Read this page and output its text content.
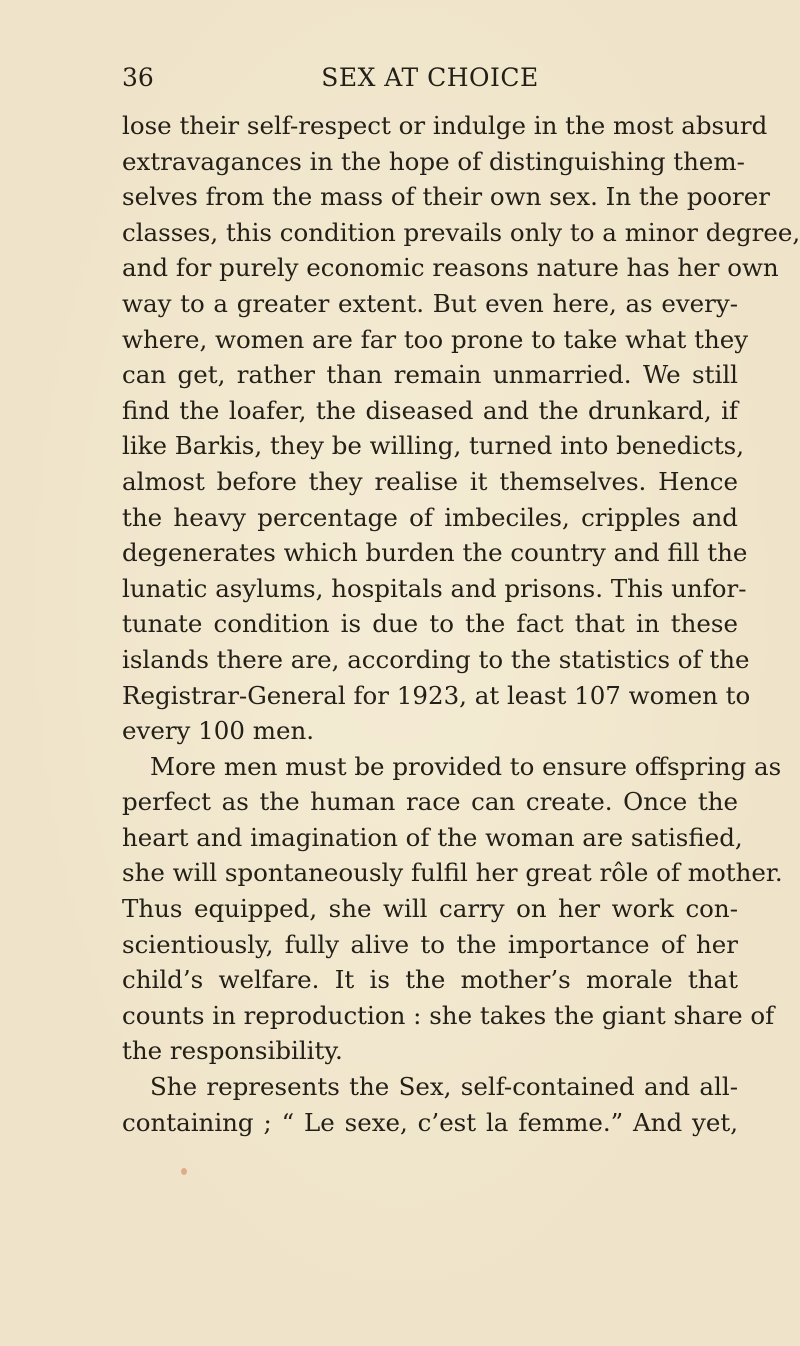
36	SEX AT CHOICE
lose their self-respect or indulge in the most absurd
extravagances in the hope of distinguishing them-
selves from the mass of their own sex. In the poorer
classes, this condition prevails only to a minor degree,
and for purely economic reasons nature has her own
way to a greater extent. But even here, as every-
where, women are far too prone to take what they
can get, rather than remain unmarried. We still
find the loafer, the diseased and the drunkard, if
like Barkis, they be willing, turned into benedicts,
almost before they realise it themselves. Hence
the heavy percentage of imbeciles, cripples and
degenerates which burden the country and fill the
lunatic asylums, hospitals and prisons. This unfor-
tunate condition is due to the fact that in these
islands there are, according to the statistics of the
Registrar-General for 1923, at least 107 women to
every 100 men.
More men must be provided to ensure offspring as
perfect as the human race can create. Once the
heart and imagination of the woman are satisfied,
she will spontaneously fulfil her great rôle of mother.
Thus equipped, she will carry on her work con-
scientiously, fully alive to the importance of her
child’s welfare. It is the mother’s morale that
counts in reproduction : she takes the giant share of
the responsibility.
She represents the Sex, self-contained and all-
containing ; “ Le sexe, c’est la femme.” And yet,
